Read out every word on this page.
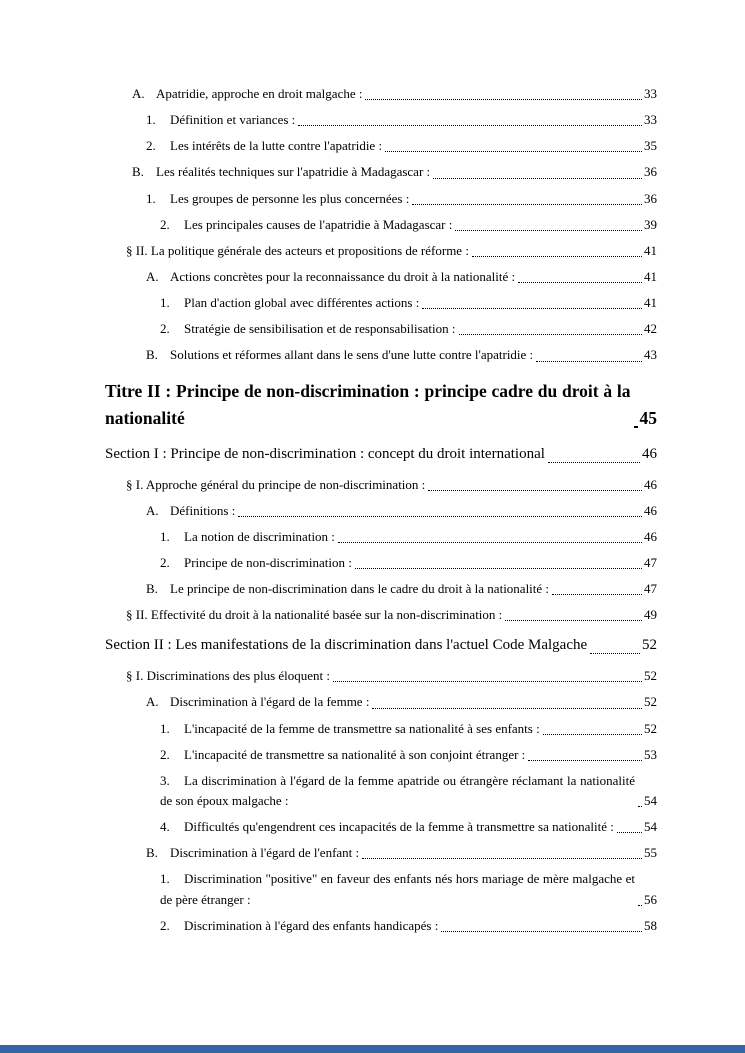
A. Apatridie, approche en droit malgache :	33
1. Définition et variances :	33
2. Les intérêts de la lutte contre l'apatridie :	35
B. Les réalités techniques sur l'apatridie à Madagascar :	36
1. Les groupes de personne les plus concernées :	36
2. Les principales causes de l'apatridie à Madagascar :	39
§ II. La politique générale des acteurs et propositions de réforme :	41
A. Actions concrètes pour la reconnaissance du droit à la nationalité :	41
1. Plan d'action global avec différentes actions :	41
2. Stratégie de sensibilisation et de responsabilisation :	42
B. Solutions et réformes allant dans le sens d'une lutte contre l'apatridie :	43
Titre II : Principe de non-discrimination : principe cadre du droit à la nationalité	45
Section I : Principe de non-discrimination : concept du droit international	46
§ I. Approche général du principe de non-discrimination :	46
A. Définitions :	46
1. La notion de discrimination :	46
2. Principe de non-discrimination :	47
B. Le principe de non-discrimination dans le cadre du droit à la nationalité :	47
§ II. Effectivité du droit à la nationalité basée sur la non-discrimination :	49
Section II : Les manifestations de la discrimination dans l'actuel Code Malgache	52
§ I. Discriminations des plus éloquent :	52
A. Discrimination à l'égard de la femme :	52
1. L'incapacité de la femme de transmettre sa nationalité à ses enfants :	52
2. L'incapacité de transmettre sa nationalité à son conjoint étranger :	53
3. La discrimination à l'égard de la femme apatride ou étrangère réclamant la nationalité de son époux malgache :	54
4. Difficultés qu'engendrent ces incapacités de la femme à transmettre sa nationalité : 54
B. Discrimination à l'égard de l'enfant :	55
1. Discrimination "positive" en faveur des enfants nés hors mariage de mère malgache et de père étranger :	56
2. Discrimination à l'égard des enfants handicapés :	58
